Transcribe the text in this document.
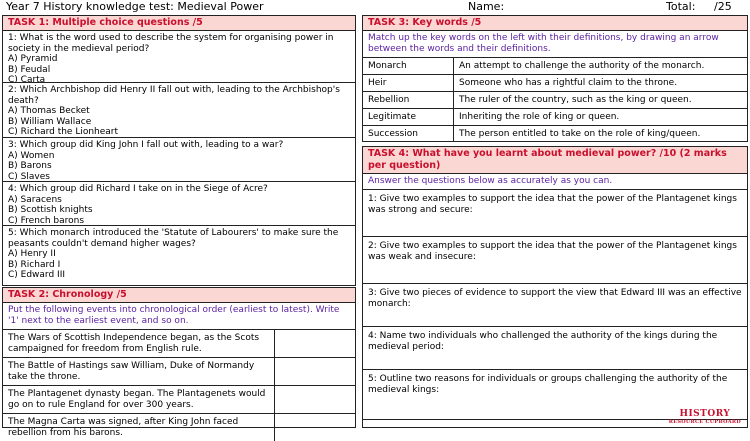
Year 7 History knowledge test: Medieval Power	Name:	Total: /25
TASK 1: Multiple choice questions /5
1: What is the word used to describe the system for organising power in society in the medieval period?
A) Pyramid
B) Feudal
C) Carta
2: Which Archbishop did Henry II fall out with, leading to the Archbishop's death?
A) Thomas Becket
B) William Wallace
C) Richard the Lionheart
3: Which group did King John I fall out with, leading to a war?
A) Women
B) Barons
C) Slaves
4: Which group did Richard I take on in the Siege of Acre?
A) Saracens
B) Scottish knights
C) French barons
5: Which monarch introduced the 'Statute of Labourers' to make sure the peasants couldn't demand higher wages?
A) Henry II
B) Richard I
C) Edward III
TASK 2: Chronology /5
Put the following events into chronological order (earliest to latest). Write '1' next to the earliest event, and so on.
The Wars of Scottish Independence began, as the Scots campaigned for freedom from English rule.
The Battle of Hastings saw William, Duke of Normandy take the throne.
The Plantagenet dynasty began. The Plantagenets would go on to rule England for over 300 years.
The Magna Carta was signed, after King John faced rebellion from his barons.
TASK 3: Key words /5
Match up the key words on the left with their definitions, by drawing an arrow between the words and their definitions.
Monarch	An attempt to challenge the authority of the monarch.
Heir	Someone who has a rightful claim to the throne.
Rebellion	The ruler of the country, such as the king or queen.
Legitimate	Inheriting the role of king or queen.
Succession	The person entitled to take on the role of king/queen.
TASK 4: What have you learnt about medieval power? /10 (2 marks per question)
Answer the questions below as accurately as you can.
1: Give two examples to support the idea that the power of the Plantagenet kings was strong and secure:
2: Give two examples to support the idea that the power of the Plantagenet kings was weak and insecure:
3: Give two pieces of evidence to support the view that Edward III was an effective monarch:
4: Name two individuals who challenged the authority of the kings during the medieval period:
5: Outline two reasons for individuals or groups challenging the authority of the medieval kings:
HISTORY
RESOURCE CUPBOARD
